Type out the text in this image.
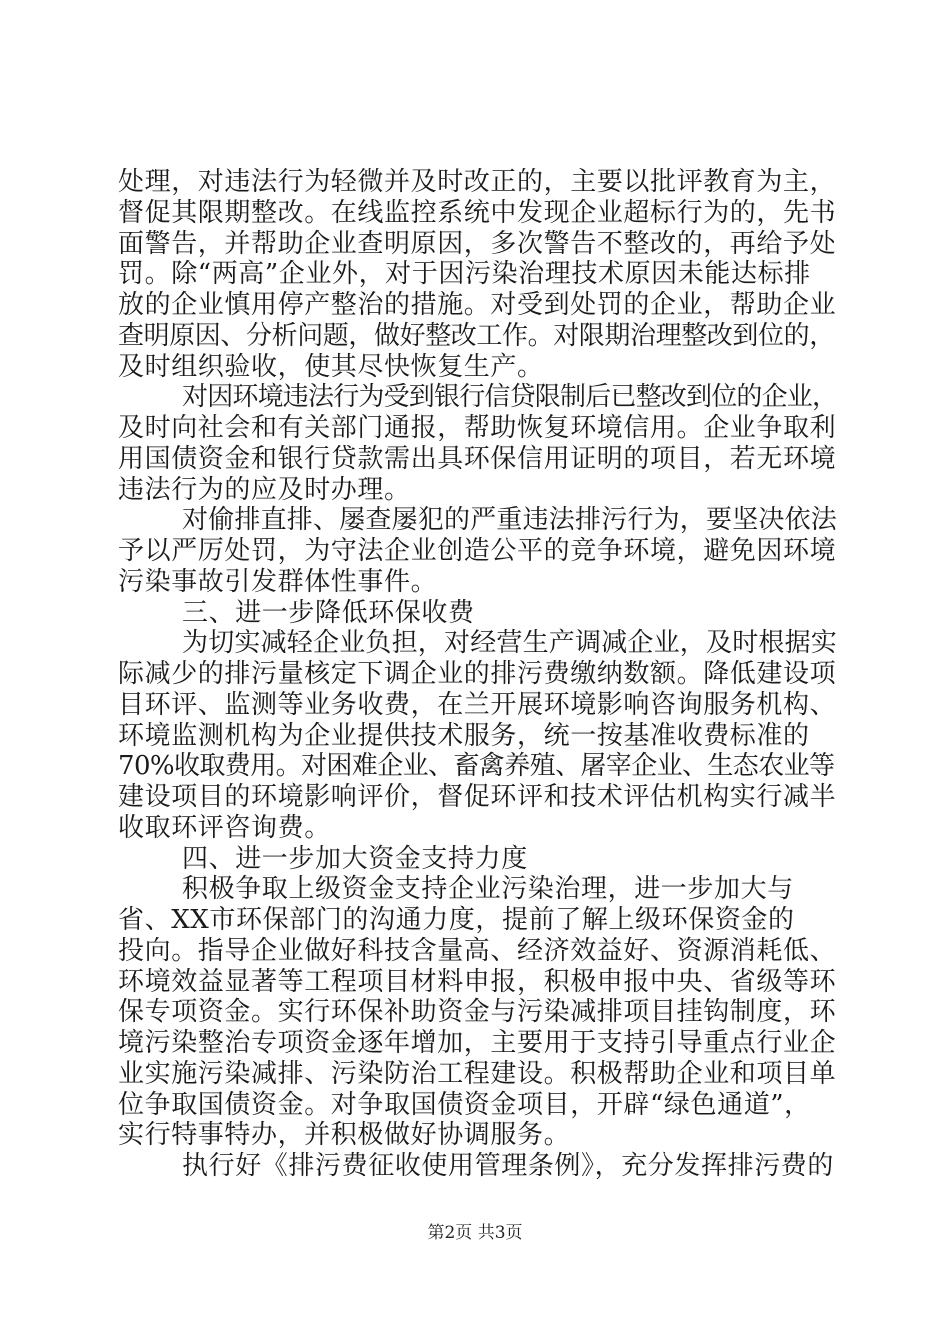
处理，对违法行为轻微并及时改正的，主要以批评教育为主，
督促其限期整改。在线监控系统中发现企业超标行为的，先书
面警告，并帮助企业查明原因，多次警告不整改的，再给予处
罚。除“两高”企业外，对于因污染治理技术原因未能达标排
放的企业慎用停产整治的措施。对受到处罚的企业，帮助企业
查明原因、分析问题，做好整改工作。对限期治理整改到位的，
及时组织验收，使其尽快恢复生产。
对因环境违法行为受到银行信贷限制后已整改到位的企业，
及时向社会和有关部门通报，帮助恢复环境信用。企业争取利
用国债资金和银行贷款需出具环保信用证明的项目，若无环境
违法行为的应及时办理。
对偷排直排、屡查屡犯的严重违法排污行为，要坚决依法
予以严厉处罚，为守法企业创造公平的竞争环境，避免因环境
污染事故引发群体性事件。
三、进一步降低环保收费
为切实减轻企业负担，对经营生产调减企业，及时根据实
际减少的排污量核定下调企业的排污费缴纳数额。降低建设项
目环评、监测等业务收费，在兰开展环境影响咨询服务机构、
环境监测机构为企业提供技术服务，统一按基准收费标准的
70%收取费用。对困难企业、畜禽养殖、屠宰企业、生态农业等
建设项目的环境影响评价，督促环评和技术评估机构实行减半
收取环评咨询费。
四、进一步加大资金支持力度
积极争取上级资金支持企业污染治理，进一步加大与
省、XX市环保部门的沟通力度，提前了解上级环保资金的
投向。指导企业做好科技含量高、经济效益好、资源消耗低、
环境效益显著等工程项目材料申报，积极申报中央、省级等环
保专项资金。实行环保补助资金与污染减排项目挂钩制度，环
境污染整治专项资金逐年增加，主要用于支持引导重点行业企
业实施污染减排、污染防治工程建设。积极帮助企业和项目单
位争取国债资金。对争取国债资金项目，开辟“绿色通道”，
实行特事特办，并积极做好协调服务。
执行好《排污费征收使用管理条例》，充分发挥排污费的
第2页 共3页
